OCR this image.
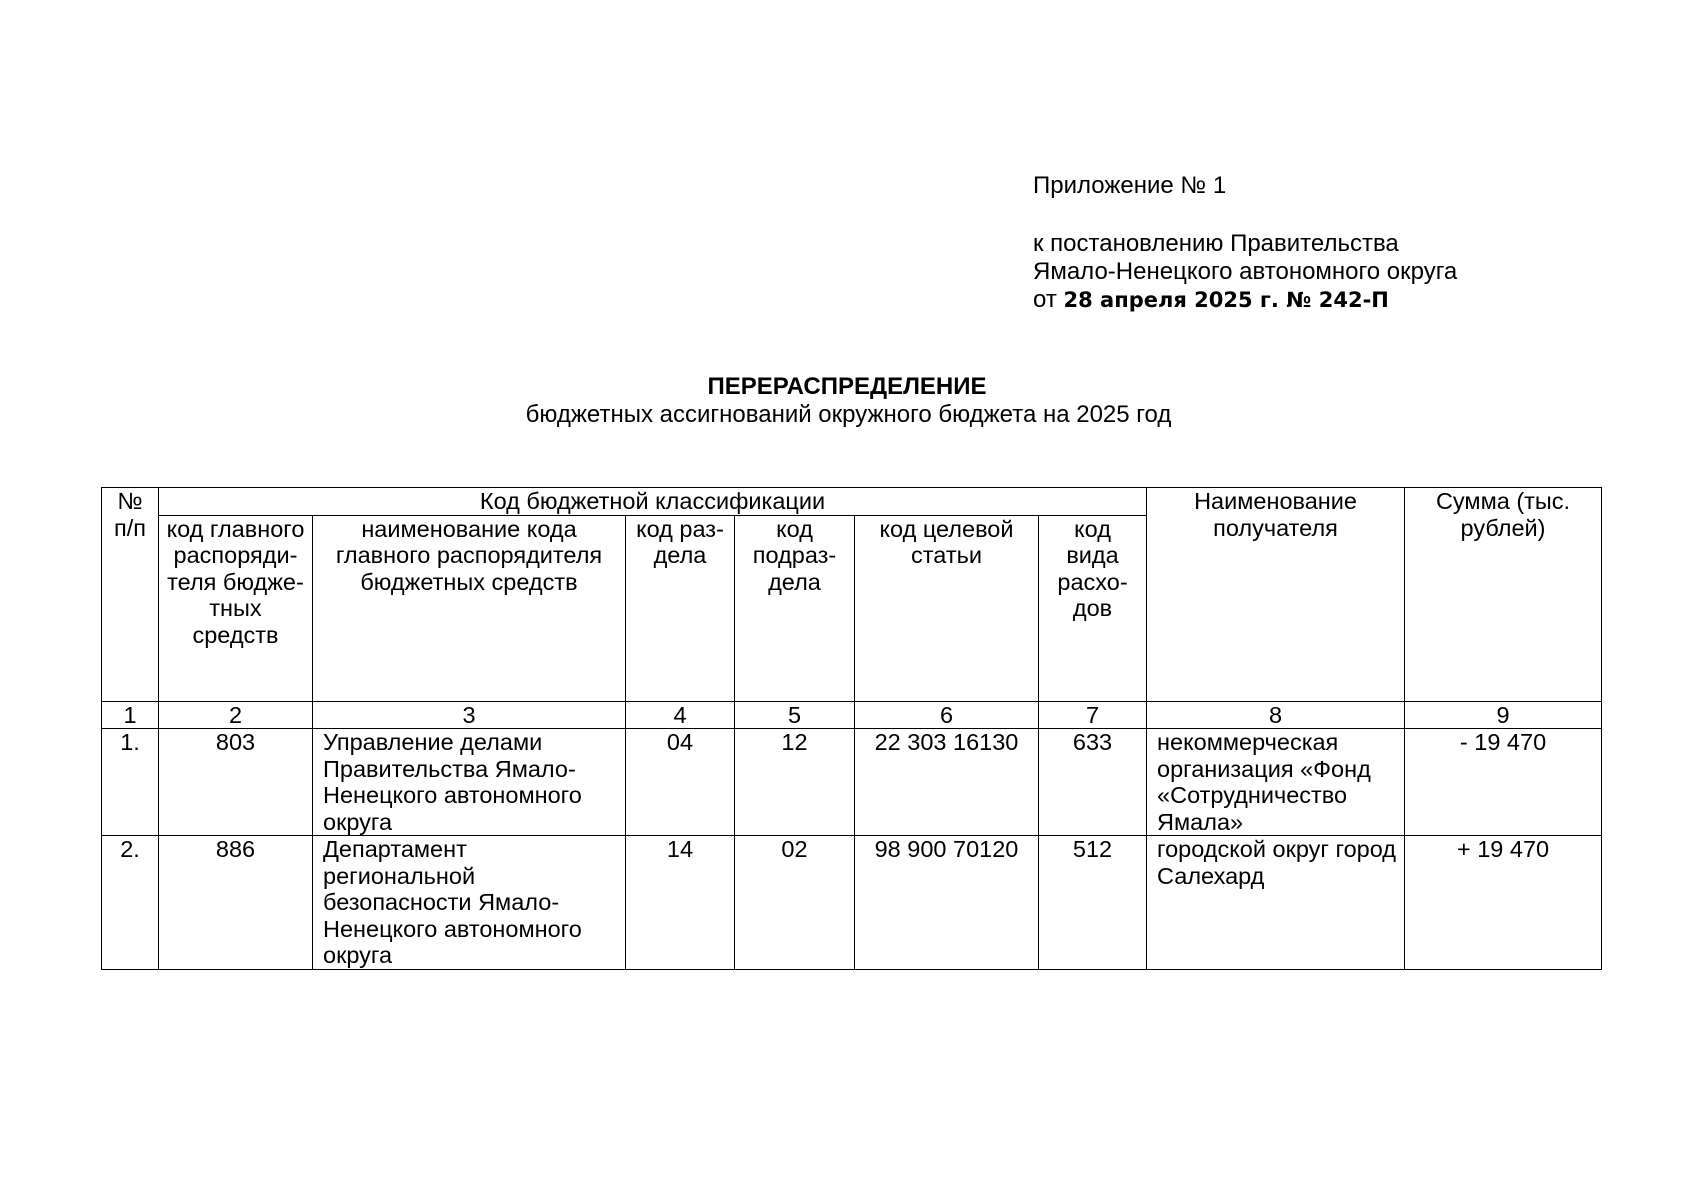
Приложение № 1
к постановлению Правительства
Ямало-Ненецкого автономного округа
от 28 апреля 2025 г. № 242-П
ПЕРЕРАСПРЕДЕЛЕНИЕ
бюджетных ассигнований окружного бюджета на 2025 год
№ п/п	Код бюджетной классификации						Наименование получателя	Сумма (тыс. рублей)
	код главного распоряди-теля бюдже-тных средств	наименование кода главного распорядителя бюджетных средств	код раз-дела	код подраз-дела	код целевой статьи	код вида расхо-дов		
1	2	3	4	5	6	7	8	9
1.	803	Управление делами Правительства Ямало-Ненецкого автономного округа	04	12	22 303 16130	633	некоммерческая организация «Фонд «Сотрудничество Ямала»	- 19 470
2.	886	Департамент региональной безопасности Ямало-Ненецкого автономного округа	14	02	98 900 70120	512	городской округ город Салехард	+ 19 470
